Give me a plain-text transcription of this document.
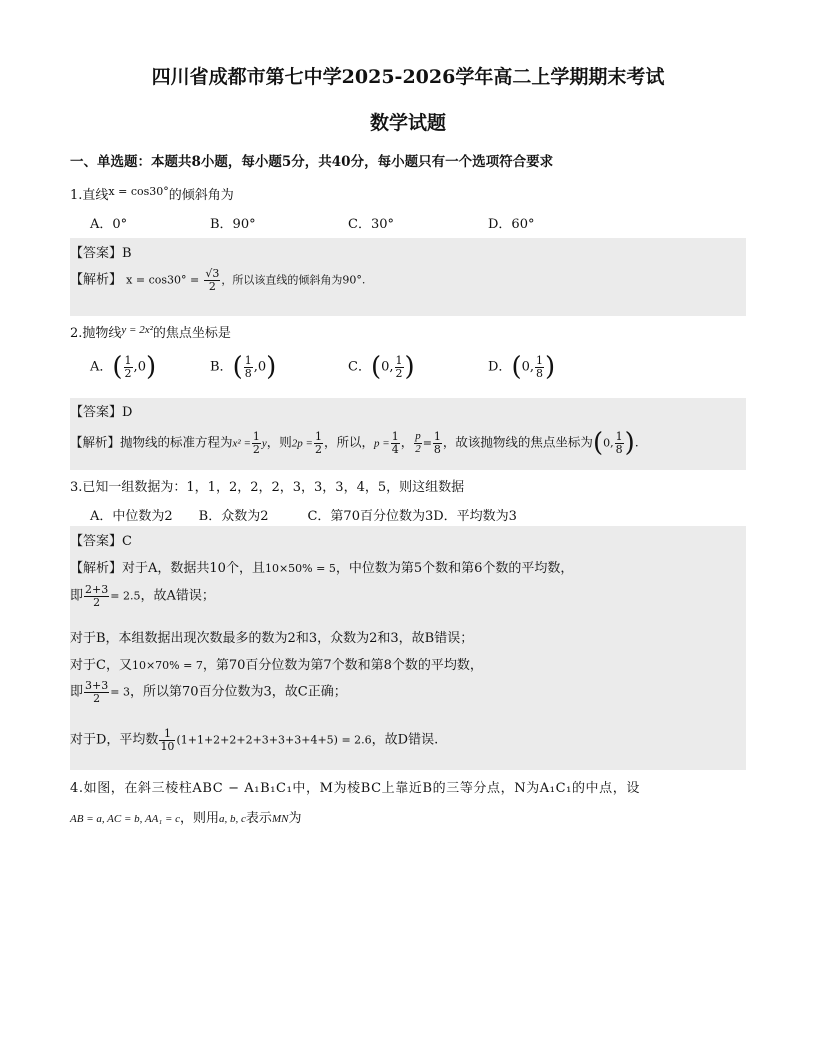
四川省成都市第七中学2025-2026学年高二上学期期末考试
数学试题
一、单选题：本题共8小题，每小题5分，共40分，每小题只有一个选项符合要求
1.直线$^{x = cos30^\circ}$的倾斜角为
A．0°	B．90°	C．30°	D．60°
【答案】B
【解析】 $x = \cos 30^\circ = \frac{√3}{2}$ ，所以该直线的倾斜角为90°.
2.抛物线$^{y = 2x^2}$的焦点坐标是
A．( $\frac{1}{2} ,0$)	B．( $\frac{1}{8} ,0$)	C．(0, $\frac{1}{2}$ )	D．(0, $\frac{1}{8}$ )
【答案】D
【解析】抛物线的标准方程为$x^2 = \frac{1}{2}$ y，则$2p = \frac{1}{2}$ ，所以，$p = \frac{1}{4}$ ， $\frac{p}{2} = \frac{1}{8}$ ，故该抛物线的焦点坐标为(0, $\frac{1}{8}$ ).
3.已知一组数据为：1，1，2，2，2，3，3，3，4，5，则这组数据
A．中位数为2　　B．众数为2　　　C．第70百分位数为3D．平均数为3
【答案】C
【解析】对于A，数据共10个，且10×50% = 5，中位数为第5个数和第6个数的平均数，
即 $\frac{2+3}{2} = 2.5$，故A错误；
对于B，本组数据出现次数最多的数为2和3，众数为2和3，故B错误；
对于C，又10×70% = 7，第70百分位数为第7个数和第8个数的平均数，
即 $\frac{3+3}{2} = 3$，所以第70百分位数为3，故C正确；
对于D，平均数 $\frac{1}{10} (1+1+2+2+2+3+3+3+4+5) = 2.6$，故D错误.
4.如图，在斜三棱柱ABC − A₁B₁C₁中，M为棱BC上靠近B的三等分点，N为A₁C₁的中点，设
AB = a, AC = b, AA₁ = c，则用a, b, c表示MN为
